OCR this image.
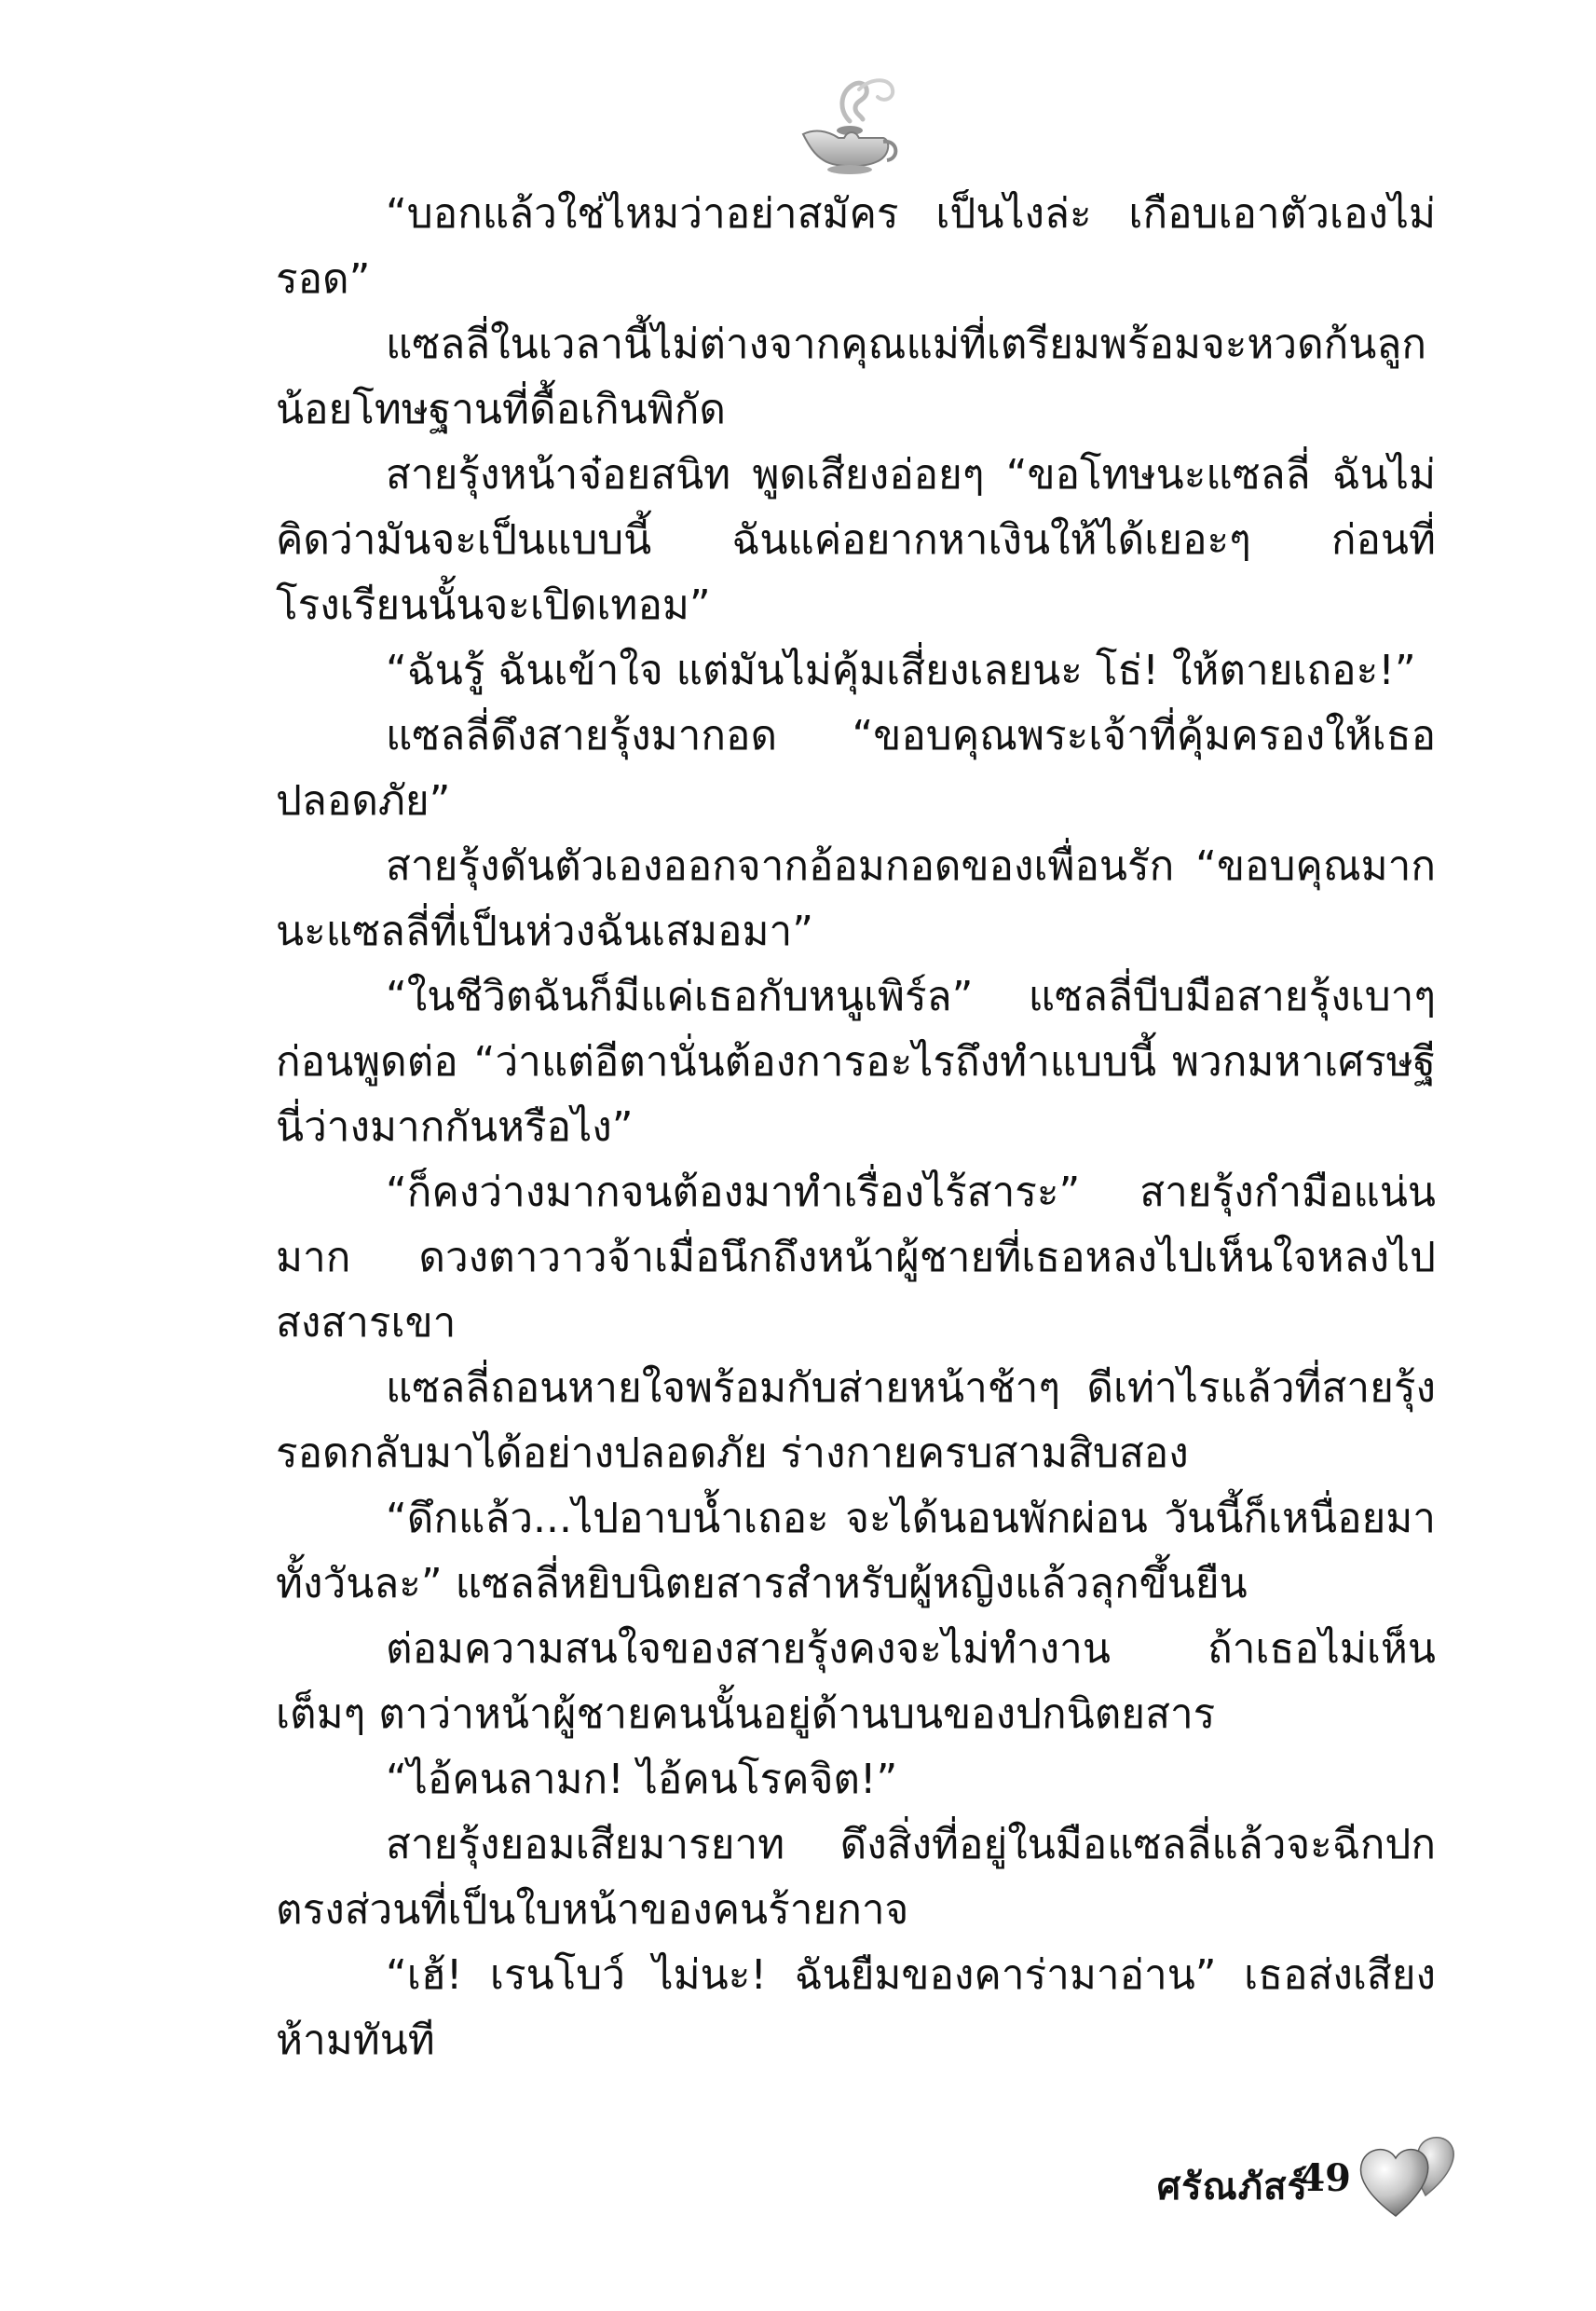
“บอกแล้วใช่ไหมว่าอย่าสมัคร เป็นไงล่ะ เกือบเอาตัวเองไม่รอด”

แซลลี่ในเวลานี้ไม่ต่างจากคุณแม่ที่เตรียมพร้อมจะหวดก้นลูกน้อยโทษฐานที่ดื้อเกินพิกัด

สายรุ้งหน้าจ๋อยสนิท พูดเสียงอ่อยๆ “ขอโทษนะแซลลี่ ฉันไม่คิดว่ามันจะเป็นแบบนี้ ฉันแค่อยากหาเงินให้ได้เยอะๆ ก่อนที่โรงเรียนนั้นจะเปิดเทอม”

“ฉันรู้ ฉันเข้าใจ แต่มันไม่คุ้มเสี่ยงเลยนะ โธ่! ให้ตายเถอะ!”

แซลลี่ดึงสายรุ้งมากอด “ขอบคุณพระเจ้าที่คุ้มครองให้เธอปลอดภัย”

สายรุ้งดันตัวเองออกจากอ้อมกอดของเพื่อนรัก “ขอบคุณมากนะแซลลี่ที่เป็นห่วงฉันเสมอมา”

“ในชีวิตฉันก็มีแค่เธอกับหนูเพิร์ล” แซลลี่บีบมือสายรุ้งเบาๆ ก่อนพูดต่อ “ว่าแต่อีตานั่นต้องการอะไรถึงทำแบบนี้ พวกมหาเศรษฐีนี่ว่างมากกันหรือไง”

“ก็คงว่างมากจนต้องมาทำเรื่องไร้สาระ” สายรุ้งกำมือแน่นมาก ดวงตาวาวจ้าเมื่อนึกถึงหน้าผู้ชายที่เธอหลงไปเห็นใจหลงไปสงสารเขา

แซลลี่ถอนหายใจพร้อมกับส่ายหน้าช้าๆ ดีเท่าไรแล้วที่สายรุ้งรอดกลับมาได้อย่างปลอดภัย ร่างกายครบสามสิบสอง

“ดึกแล้ว...ไปอาบน้ำเถอะ จะได้นอนพักผ่อน วันนี้ก็เหนื่อยมาทั้งวันละ” แซลลี่หยิบนิตยสารสำหรับผู้หญิงแล้วลุกขึ้นยืน

ต่อมความสนใจของสายรุ้งคงจะไม่ทำงาน ถ้าเธอไม่เห็นเต็มๆ ตาว่าหน้าผู้ชายคนนั้นอยู่ด้านบนของปกนิตยสาร

“ไอ้คนลามก! ไอ้คนโรคจิต!”

สายรุ้งยอมเสียมารยาท ดึงสิ่งที่อยู่ในมือแซลลี่แล้วจะฉีกปกตรงส่วนที่เป็นใบหน้าของคนร้ายกาจ

“เฮ้! เรนโบว์ ไม่นะ! ฉันยืมของคาร่ามาอ่าน” เธอส่งเสียงห้ามทันที

ศรัณภัสร์
49
